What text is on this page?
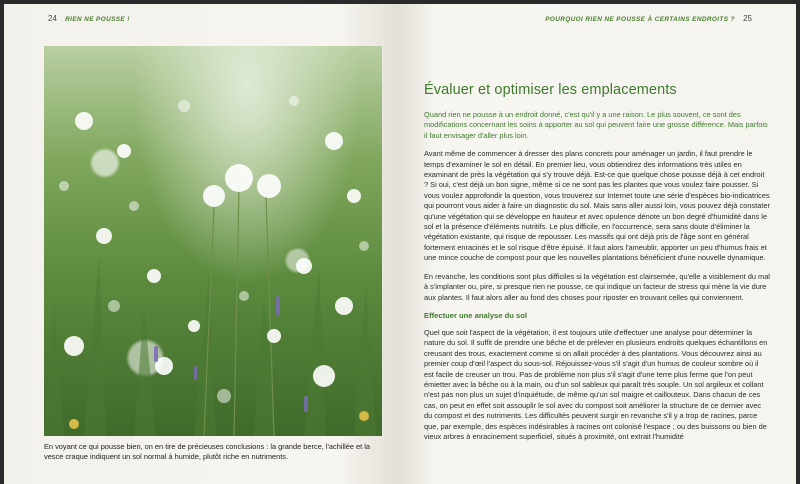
24 RIEN NE POUSSE !

En voyant ce qui pousse bien, on en tire de précieuses conclusions : la grande berce, l'achillée et la vesce craque indiquent un sol normal à humide, plutôt riche en nutriments.

POURQUOI RIEN NE POUSSE À CERTAINS ENDROITS ? 25
Évaluer et optimiser les emplacements

Quand rien ne pousse à un endroit donné, c'est qu'il y a une raison. Le plus souvent, ce sont des modifications concernant les soins à apporter au sol qui peuvent faire une grosse différence. Mais parfois il faut envisager d'aller plus loin.

Avant même de commencer à dresser des plans concrets pour aménager un jardin, il faut prendre le temps d'examiner le sol en détail. En premier lieu, vous obtiendrez des informations très utiles en examinant de près la végétation qui s'y trouve déjà. Est-ce que quelque chose pousse déjà à cet endroit ? Si oui, c'est déjà un bon signe, même si ce ne sont pas les plantes que vous voulez faire pousser. Si vous voulez approfondir la question, vous trouverez sur Internet toute une série d'espèces bio-indicatrices qui pourront vous aider à faire un diagnostic du sol. Mais sans aller aussi loin, vous pouvez déjà constater qu'une végétation qui se développe en hauteur et avec opulence dénote un bon degré d'humidité dans le sol et la présence d'éléments nutritifs. Le plus difficile, en l'occurrence, sera sans doute d'éliminer la végétation existante, qui risque de repousser. Les massifs qui ont déjà pris de l'âge sont en général fortement enracinés et le sol risque d'être épuisé. Il faut alors l'ameublir, apporter un peu d'humus frais et une mince couche de compost pour que les nouvelles plantations bénéficient d'une nouvelle dynamique.

En revanche, les conditions sont plus difficiles si la végétation est clairsemée, qu'elle a visiblement du mal à s'implanter ou, pire, si presque rien ne pousse, ce qui indique un facteur de stress qui mène la vie dure aux plantes. Il faut alors aller au fond des choses pour riposter en trouvant celles qui conviennent.

Effectuer une analyse du sol

Quel que soit l'aspect de la végétation, il est toujours utile d'effectuer une analyse pour déterminer la nature du sol. Il suffit de prendre une bêche et de prélever en plusieurs endroits quelques échantillons en creusant des trous, exactement comme si on allait procéder à des plantations. Vous découvrez ainsi au premier coup d'œil l'aspect du sous-sol. Réjouissez-vous s'il s'agit d'un humus de couleur sombre où il est facile de creuser un trou. Pas de problème non plus s'il s'agit d'une terre plus ferme que l'on peut émietter avec la bêche ou à la main, ou d'un sol sableux qui paraît très souple. Un sol argileux et collant n'est pas non plus un sujet d'inquiétude, de même qu'un sol maigre et caillouteux. Dans chacun de ces cas, on peut en effet soit assouplir le sol avec du compost soit améliorer la structure de ce dernier avec du compost et des nutriments. Les difficultés peuvent surgir en revanche s'il y a trop de racines, parce que, par exemple, des espèces indésirables à racines ont colonisé l'espace ; ou des buissons ou bien de vieux arbres à enracinement superficiel, situés à proximité, ont extrait l'humidité
